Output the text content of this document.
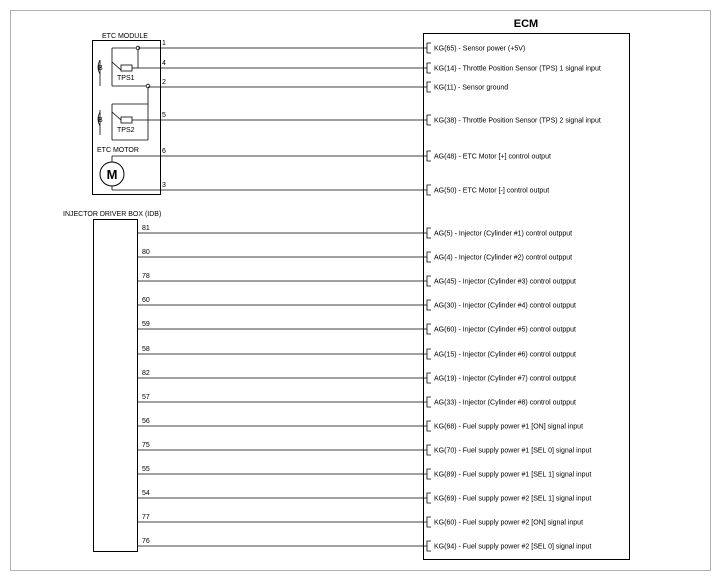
ECM
ETC MODULE
B
TPS1
B
TPS2
ETC MOTOR
M
INJECTOR DRIVER BOX (IDB)
1
KG(65) - Sensor power (+5V)
4
KG(14) - Throttle Position Sensor (TPS) 1 signal input
2
KG(11) - Sensor ground
5
KG(38) - Throttle Position Sensor (TPS) 2 signal input
6
AG(48) - ETC Motor [+] control output
3
AG(50) - ETC Motor [-] control output
81
AG(5) - Injector (Cylinder #1) control outpput
80
AG(4) - Injector (Cylinder #2) control outpput
78
AG(45) - Injector (Cylinder #3) control outpput
60
AG(30) - Injector (Cylinder #4) control outpput
59
AG(60) - Injector (Cylinder #5) control outpput
58
AG(15) - Injector (Cylinder #6) control outpput
82
AG(19) - Injector (Cylinder #7) control outpput
57
AG(33) - Injector (Cylinder #8) control outpput
56
KG(68) - Fuel supply power #1 [ON] signal input
75
KG(70) - Fuel supply power #1 [SEL 0] signal input
55
KG(89) - Fuel supply power #1 [SEL 1] signal input
54
KG(69) - Fuel supply power #2 [SEL 1] signal input
77
KG(60) - Fuel supply power #2 [ON] signal input
76
KG(94) - Fuel supply power #2 [SEL 0] signal input
